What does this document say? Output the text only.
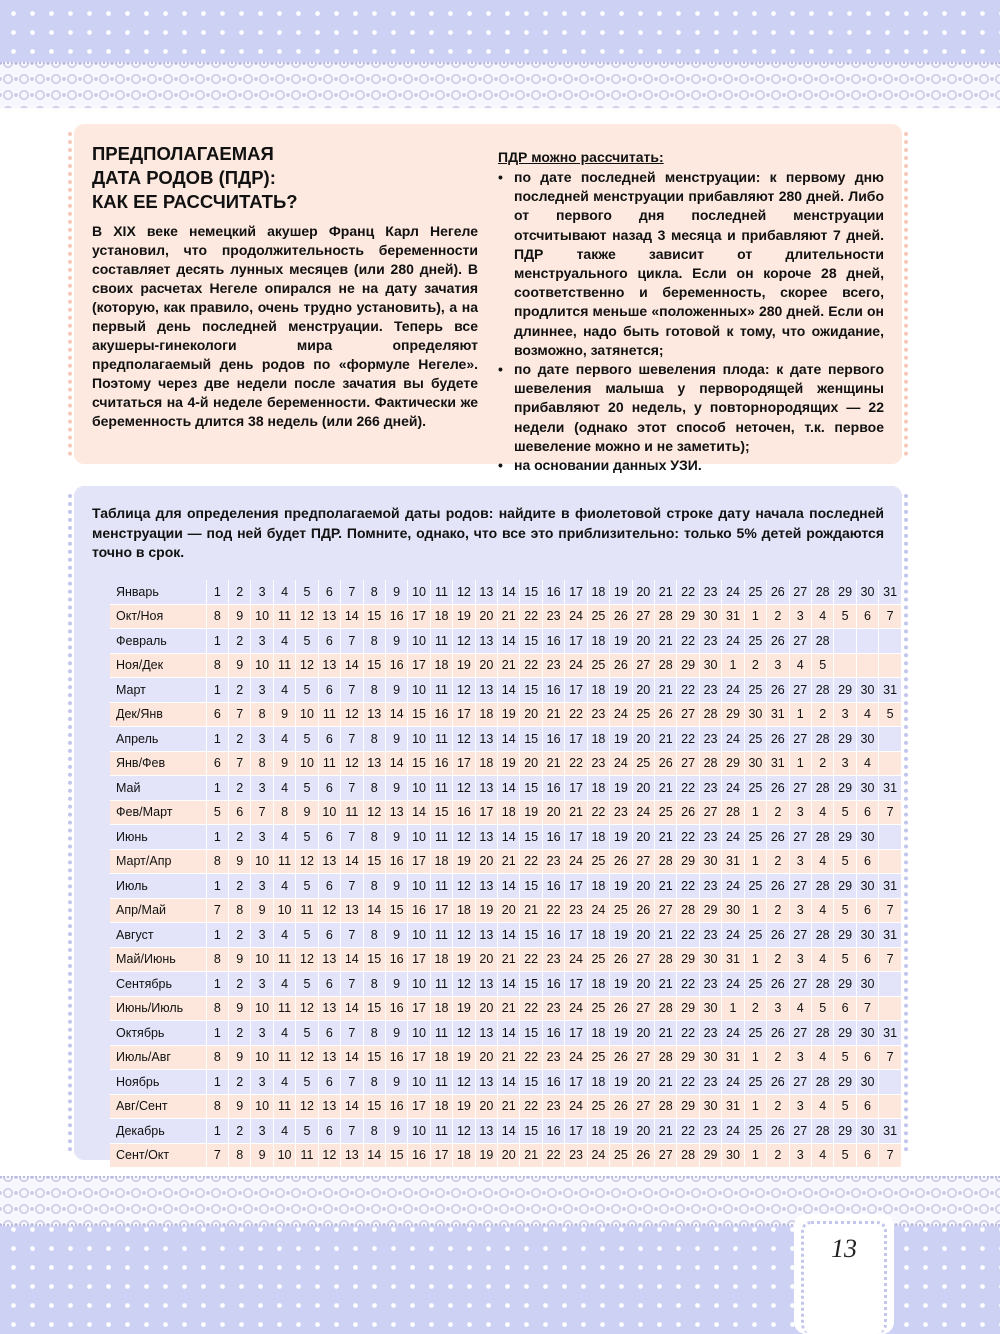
ПРЕДПОЛАГАЕМАЯ
ДАТА РОДОВ (ПДР):
КАК ЕЕ РАССЧИТАТЬ?

В XIX веке немецкий акушер Франц Карл Негеле установил, что продолжительность беременности составляет десять лунных месяцев (или 280 дней). В своих расчетах Негеле опирался не на дату зачатия (которую, как правило, очень трудно установить), а на первый день последней менструации. Теперь все акушеры-гинекологи мира определяют предполагаемый день родов по «формуле Негеле». Поэтому через две недели после зачатия вы будете считаться на 4-й неделе беременности. Фактически же беременность длится 38 недель (или 266 дней).

ПДР можно рассчитать:
• по дате последней менструации: к первому дню последней менструации прибавляют 280 дней. Либо от первого дня последней менструации отсчитывают назад 3 месяца и прибавляют 7 дней. ПДР также зависит от длительности менструального цикла. Если он короче 28 дней, соответственно и беременность, скорее всего, продлится меньше «положенных» 280 дней. Если он длиннее, надо быть готовой к тому, что ожидание, возможно, затянется;
• по дате первого шевеления плода: к дате первого шевеления малыша у первородящей женщины прибавляют 20 недель, у повторнородящих — 22 недели (однако этот способ неточен, т.к. первое шевеление можно и не заметить);
• на основании данных УЗИ.

Таблица для определения предполагаемой даты родов: найдите в фиолетовой строке дату начала последней менструации — под ней будет ПДР. Помните, однако, что все это приблизительно: только 5% детей рождаются точно в срок.

Январь	1	2	3	4	5	6	7	8	9	10	11	12	13	14	15	16	17	18	19	20	21	22	23	24	25	26	27	28	29	30	31
Окт/Ноя	8	9	10	11	12	13	14	15	16	17	18	19	20	21	22	23	24	25	26	27	28	29	30	31	1	2	3	4	5	6	7
Февраль	1	2	3	4	5	6	7	8	9	10	11	12	13	14	15	16	17	18	19	20	21	22	23	24	25	26	27	28			
Ноя/Дек	8	9	10	11	12	13	14	15	16	17	18	19	20	21	22	23	24	25	26	27	28	29	30	1	2	3	4	5			
Март	1	2	3	4	5	6	7	8	9	10	11	12	13	14	15	16	17	18	19	20	21	22	23	24	25	26	27	28	29	30	31
Дек/Янв	6	7	8	9	10	11	12	13	14	15	16	17	18	19	20	21	22	23	24	25	26	27	28	29	30	31	1	2	3	4	5
Апрель	1	2	3	4	5	6	7	8	9	10	11	12	13	14	15	16	17	18	19	20	21	22	23	24	25	26	27	28	29	30	
Янв/Фев	6	7	8	9	10	11	12	13	14	15	16	17	18	19	20	21	22	23	24	25	26	27	28	29	30	31	1	2	3	4	
Май	1	2	3	4	5	6	7	8	9	10	11	12	13	14	15	16	17	18	19	20	21	22	23	24	25	26	27	28	29	30	31
Фев/Март	5	6	7	8	9	10	11	12	13	14	15	16	17	18	19	20	21	22	23	24	25	26	27	28	1	2	3	4	5	6	7
Июнь	1	2	3	4	5	6	7	8	9	10	11	12	13	14	15	16	17	18	19	20	21	22	23	24	25	26	27	28	29	30	
Март/Апр	8	9	10	11	12	13	14	15	16	17	18	19	20	21	22	23	24	25	26	27	28	29	30	31	1	2	3	4	5	6	
Июль	1	2	3	4	5	6	7	8	9	10	11	12	13	14	15	16	17	18	19	20	21	22	23	24	25	26	27	28	29	30	31
Апр/Май	7	8	9	10	11	12	13	14	15	16	17	18	19	20	21	22	23	24	25	26	27	28	29	30	1	2	3	4	5	6	7
Август	1	2	3	4	5	6	7	8	9	10	11	12	13	14	15	16	17	18	19	20	21	22	23	24	25	26	27	28	29	30	31
Май/Июнь	8	9	10	11	12	13	14	15	16	17	18	19	20	21	22	23	24	25	26	27	28	29	30	31	1	2	3	4	5	6	7
Сентябрь	1	2	3	4	5	6	7	8	9	10	11	12	13	14	15	16	17	18	19	20	21	22	23	24	25	26	27	28	29	30	
Июнь/Июль	8	9	10	11	12	13	14	15	16	17	18	19	20	21	22	23	24	25	26	27	28	29	30	1	2	3	4	5	6	7	
Октябрь	1	2	3	4	5	6	7	8	9	10	11	12	13	14	15	16	17	18	19	20	21	22	23	24	25	26	27	28	29	30	31
Июль/Авг	8	9	10	11	12	13	14	15	16	17	18	19	20	21	22	23	24	25	26	27	28	29	30	31	1	2	3	4	5	6	7
Ноябрь	1	2	3	4	5	6	7	8	9	10	11	12	13	14	15	16	17	18	19	20	21	22	23	24	25	26	27	28	29	30	
Авг/Сент	8	9	10	11	12	13	14	15	16	17	18	19	20	21	22	23	24	25	26	27	28	29	30	31	1	2	3	4	5	6	
Декабрь	1	2	3	4	5	6	7	8	9	10	11	12	13	14	15	16	17	18	19	20	21	22	23	24	25	26	27	28	29	30	31
Сент/Окт	7	8	9	10	11	12	13	14	15	16	17	18	19	20	21	22	23	24	25	26	27	28	29	30	1	2	3	4	5	6	7
13
